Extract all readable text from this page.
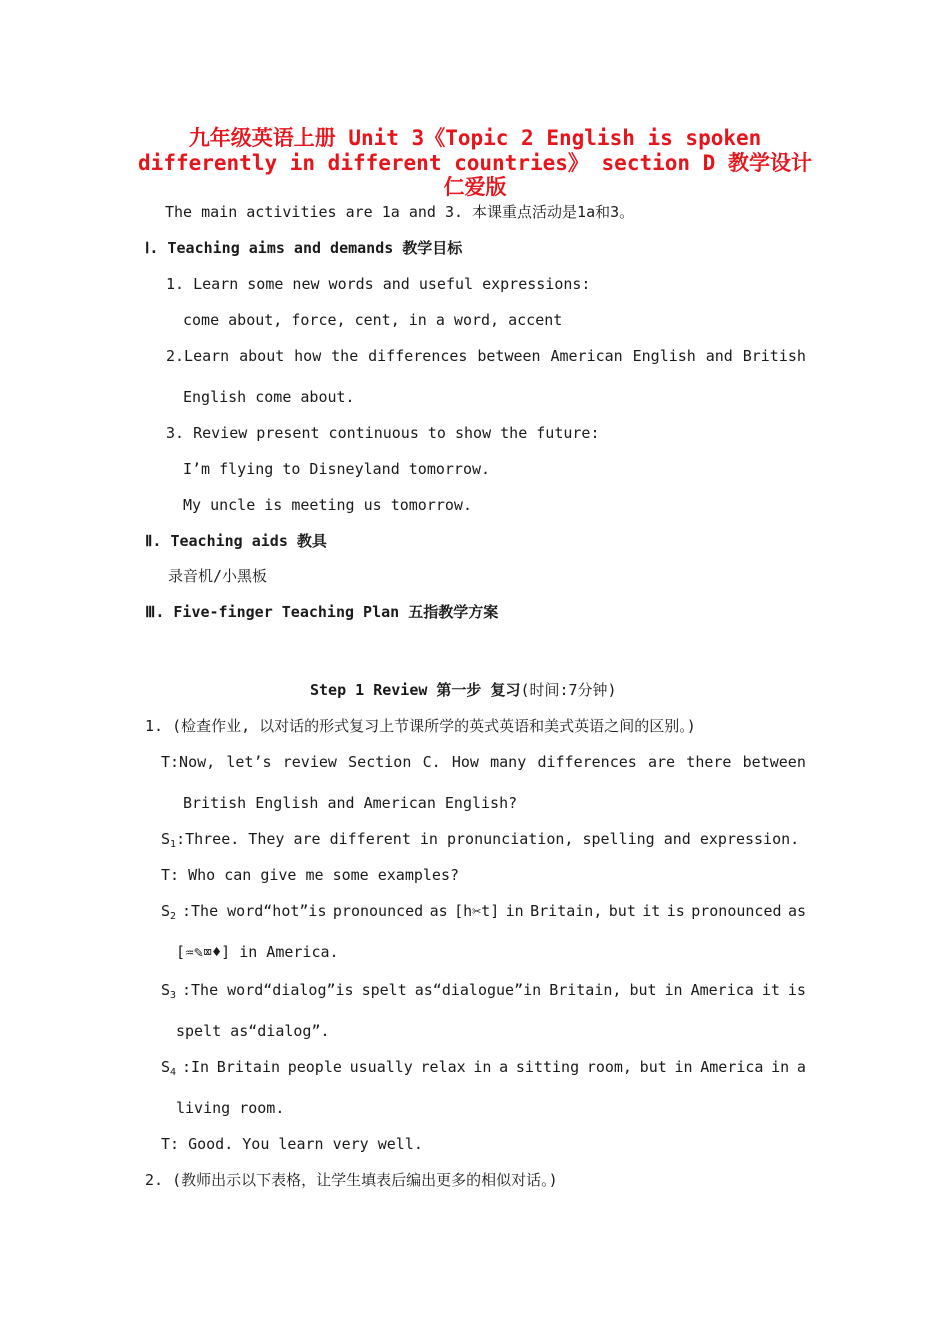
九年级英语上册 Unit 3《Topic 2 English is spoken
differently in different countries》 section D 教学设计
仁爱版
The main activities are 1a and 3. 本课重点活动是1a和3。
Ⅰ. Teaching aims and demands 教学目标
1. Learn some new words and useful expressions:
come about, force, cent, in a word, accent
2.Learn about how the differences between American English and British
English come about.
3. Review present continuous to show the future:
I’m flying to Disneyland tomorrow.
My uncle is meeting us tomorrow.
Ⅱ. Teaching aids 教具
录音机/小黑板
Ⅲ. Five-finger Teaching Plan 五指教学方案
Step 1 Review 第一步 复习(时间:7分钟)
1. (检查作业, 以对话的形式复习上节课所学的英式英语和美式英语之间的区别。)
T:Now, let’s review Section C. How many differences are there between
British English and American English?
$S_1:Three$. They are different in pronunciation, spelling and expression.
T: Who can give me some examples?
$S_2$ :The word“hot”is pronounced as [h✂t] in Britain, but it is pronounced as
[♒✎⌧♦] in America.
$S_3$ :The word“dialog”is spelt as“dialogue”in Britain, but in America it is
spelt as“dialog”.
$S_4$ :In Britain people usually relax in a sitting room, but in America in a
living room.
T: Good. You learn very well.
2. (教师出示以下表格，让学生填表后编出更多的相似对话。)
